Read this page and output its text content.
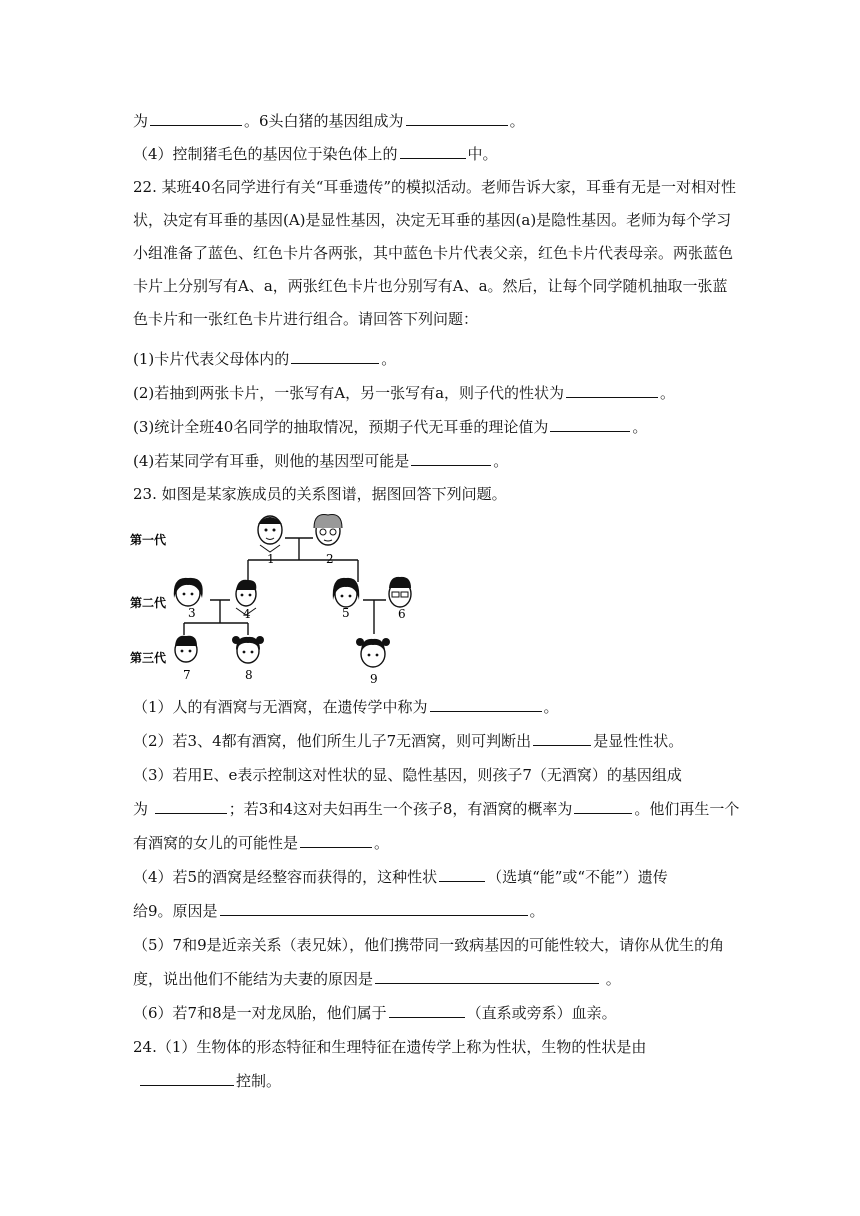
为	。6头白猪的基因组成为	。
（4）控制猪毛色的基因位于染色体上的	中。
22. 某班40名同学进行有关“耳垂遗传”的模拟活动。老师告诉大家，耳垂有无是一对相对性
状，决定有耳垂的基因(A)是显性基因，决定无耳垂的基因(a)是隐性基因。老师为每个学习
小组准备了蓝色、红色卡片各两张，其中蓝色卡片代表父亲，红色卡片代表母亲。两张蓝色
卡片上分别写有A、a，两张红色卡片也分别写有A、a。然后，让每个同学随机抽取一张蓝
色卡片和一张红色卡片进行组合。请回答下列问题：
(1)卡片代表父母体内的	。
(2)若抽到两张卡片，一张写有A，另一张写有a，则子代的性状为	。
(3)统计全班40名同学的抽取情况，预期子代无耳垂的理论值为	。
(4)若某同学有耳垂，则他的基因型可能是	。
23. 如图是某家族成员的关系图谱，据图回答下列问题。
第一代
第二代
第三代
1	2
3	4	5	6
7	8	9
（1）人的有酒窝与无酒窝，在遗传学中称为	。
（2）若3、4都有酒窝，他们所生儿子7无酒窝，则可判断出	是显性性状。
（3）若用E、e表示控制这对性状的显、隐性基因，则孩子7（无酒窝）的基因组成
为	；若3和4这对夫妇再生一个孩子8，有酒窝的概率为	。他们再生一个
有酒窝的女儿的可能性是	。
（4）若5的酒窝是经整容而获得的，这种性状	（选填“能”或“不能”）遗传
给9。原因是	。
（5）7和9是近亲关系（表兄妹），他们携带同一致病基因的可能性较大，请你从优生的角
度，说出他们不能结为夫妻的原因是	。
（6）若7和8是一对龙凤胎，他们属于	（直系或旁系）血亲。
24.（1）生物体的形态特征和生理特征在遗传学上称为性状，生物的性状是由
控制。
